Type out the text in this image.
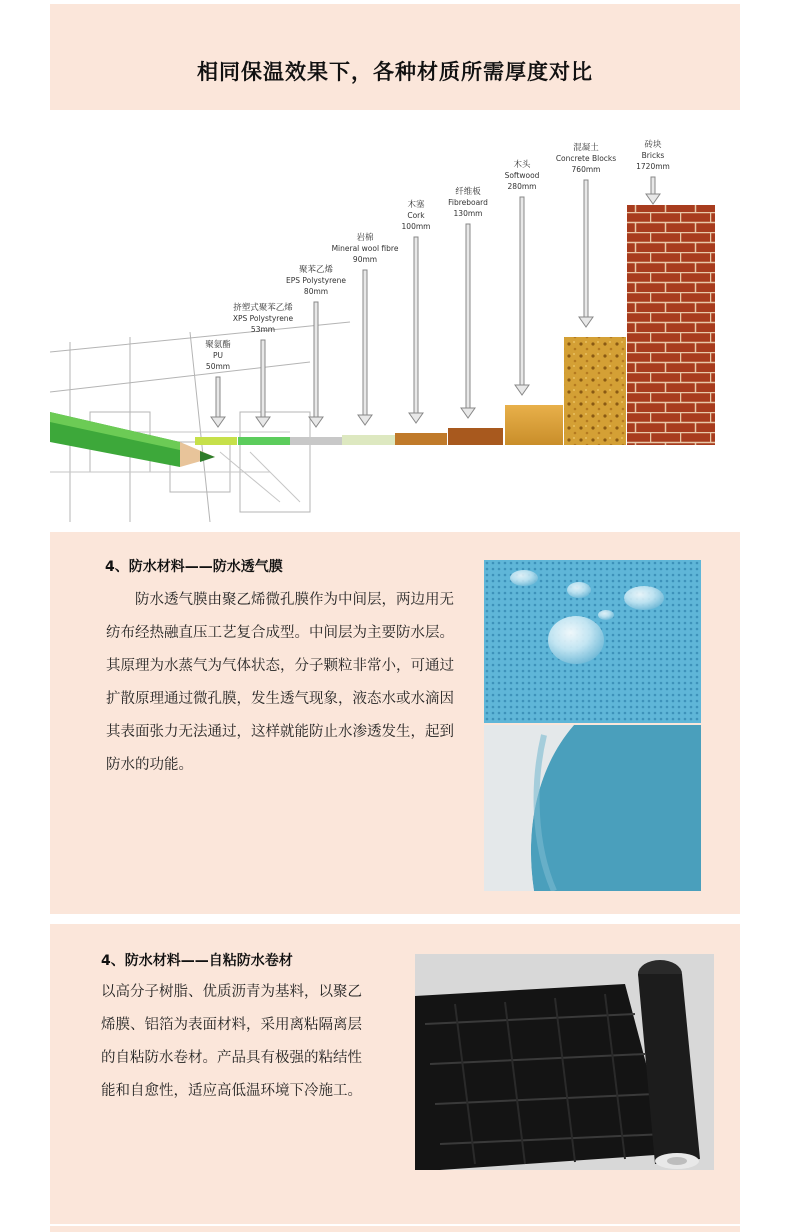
相同保温效果下，各种材质所需厚度对比
聚氨酯
PU
50mm
挤塑式聚苯乙烯
XPS Polystyrene
53mm
聚苯乙烯
EPS Polystyrene
80mm
岩棉
Mineral wool fibre
90mm
木塞
Cork
100mm
纤维板
Fibreboard
130mm
木头
Softwood
280mm
混凝土
Concrete Blocks
760mm
砖块
Bricks
1720mm
4、防水材料——防水透气膜
防水透气膜由聚乙烯微孔膜作为中间层，两边用无纺布经热融直压工艺复合成型。中间层为主要防水层。其原理为水蒸气为气体状态，分子颗粒非常小，可通过扩散原理通过微孔膜，发生透气现象，液态水或水滴因其表面张力无法通过，这样就能防止水渗透发生，起到防水的功能。
4、防水材料——自粘防水卷材
以高分子树脂、优质沥青为基料，以聚乙烯膜、铝箔为表面材料，采用离粘隔离层的自粘防水卷材。产品具有极强的粘结性能和自愈性，适应高低温环境下冷施工。
